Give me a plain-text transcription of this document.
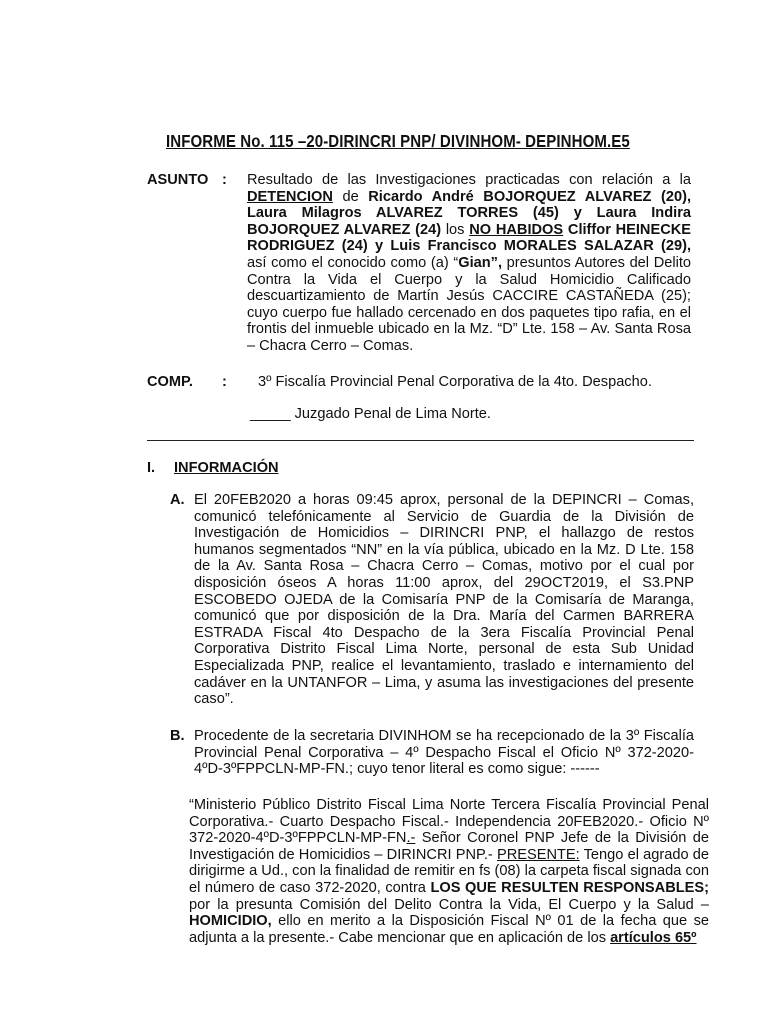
INFORME No. 115 –20-DIRINCRI PNP/ DIVINHOM- DEPINHOM.E5
ASUNTO : Resultado de las Investigaciones practicadas con relación a la DETENCION de Ricardo André BOJORQUEZ ALVAREZ (20), Laura Milagros ALVAREZ TORRES (45) y Laura Indira BOJORQUEZ ALVAREZ (24) los NO HABIDOS Cliffor HEINECKE RODRIGUEZ (24) y Luis Francisco MORALES SALAZAR (29), así como el conocido como (a) “Gian”, presuntos Autores del Delito Contra la Vida el Cuerpo y la Salud Homicidio Calificado descuartizamiento de Martín Jesús CACCIRE CASTAÑEDA (25); cuyo cuerpo fue hallado cercenado en dos paquetes tipo rafia, en el frontis del inmueble ubicado en la Mz. “D” Lte. 158 – Av. Santa Rosa – Chacra Cerro – Comas.
COMP. : 3º Fiscalía Provincial Penal Corporativa de la 4to. Despacho.
_____ Juzgado Penal de Lima Norte.
I. INFORMACIÓN
A. El 20FEB2020 a horas 09:45 aprox, personal de la DEPINCRI – Comas, comunicó telefónicamente al Servicio de Guardia de la División de Investigación de Homicidios – DIRINCRI PNP, el hallazgo de restos humanos segmentados “NN” en la vía pública, ubicado en la Mz. D Lte. 158 de la Av. Santa Rosa – Chacra Cerro – Comas, motivo por el cual por disposición óseos A horas 11:00 aprox, del 29OCT2019, el S3.PNP ESCOBEDO OJEDA de la Comisaría PNP de la Comisaría de Maranga, comunicó que por disposición de la Dra. María del Carmen BARRERA ESTRADA Fiscal 4to Despacho de la 3era Fiscalía Provincial Penal Corporativa Distrito Fiscal Lima Norte, personal de esta Sub Unidad Especializada PNP, realice el levantamiento, traslado e internamiento del cadáver en la UNTANFOR – Lima, y asuma las investigaciones del presente caso”.
B. Procedente de la secretaria DIVINHOM se ha recepcionado de la 3º Fiscalía Provincial Penal Corporativa – 4º Despacho Fiscal el Oficio Nº 372-2020-4ºD-3ºFPPCLN-MP-FN.; cuyo tenor literal es como sigue: ------
“Ministerio Público Distrito Fiscal Lima Norte Tercera Fiscalía Provincial Penal Corporativa.- Cuarto Despacho Fiscal.- Independencia 20FEB2020.- Oficio Nº 372-2020-4ºD-3ºFPPCLN-MP-FN.- Señor Coronel PNP Jefe de la División de Investigación de Homicidios – DIRINCRI PNP.- PRESENTE: Tengo el agrado de dirigirme a Ud., con la finalidad de remitir en fs (08) la carpeta fiscal signada con el número de caso 372-2020, contra LOS QUE RESULTEN RESPONSABLES; por la presunta Comisión del Delito Contra la Vida, El Cuerpo y la Salud – HOMICIDIO, ello en merito a la Disposición Fiscal Nº 01 de la fecha que se adjunta a la presente.- Cabe mencionar que en aplicación de los artículos 65º
